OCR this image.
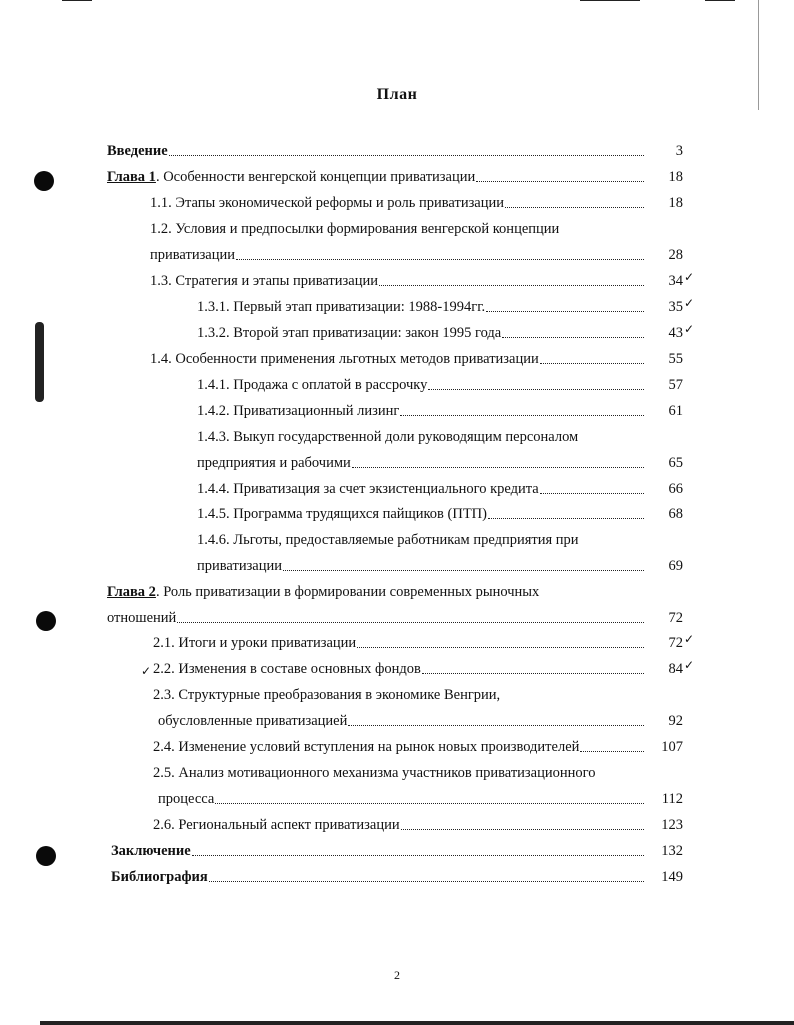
План
3
Введение
18
Глава 1. Особенности венгерской концепции приватизации
18
1.1. Этапы экономической реформы и роль приватизации
1.2. Условия и предпосылки формирования венгерской концепции
28
приватизации
34 ✓
1.3. Стратегия и этапы приватизации
35 ✓
1.3.1. Первый этап приватизации: 1988-1994гг.
43 ✓
1.3.2. Второй этап приватизации: закон 1995 года
55
1.4. Особенности применения льготных методов приватизации
57
1.4.1. Продажа с оплатой в рассрочку
61
1.4.2. Приватизационный лизинг
1.4.3. Выкуп государственной доли руководящим персоналом
65
предприятия и рабочими
66
1.4.4. Приватизация за счет экзистенциального кредита
68
1.4.5. Программа трудящихся пайщиков (ПТП)
1.4.6. Льготы, предоставляемые работникам предприятия при
69
приватизации
Глава 2. Роль приватизации в формировании современных рыночных
72
отношений
72 ✓
2.1. Итоги и уроки приватизации
84 ✓
✓ 2.2. Изменения в составе основных фондов
2.3. Структурные преобразования в экономике Венгрии,
92
обусловленные приватизацией
107
2.4. Изменение условий вступления на рынок новых производителей
2.5. Анализ мотивационного механизма участников приватизационного
112
процесса
123
2.6. Региональный аспект приватизации
132
Заключение
149
Библиография
2
